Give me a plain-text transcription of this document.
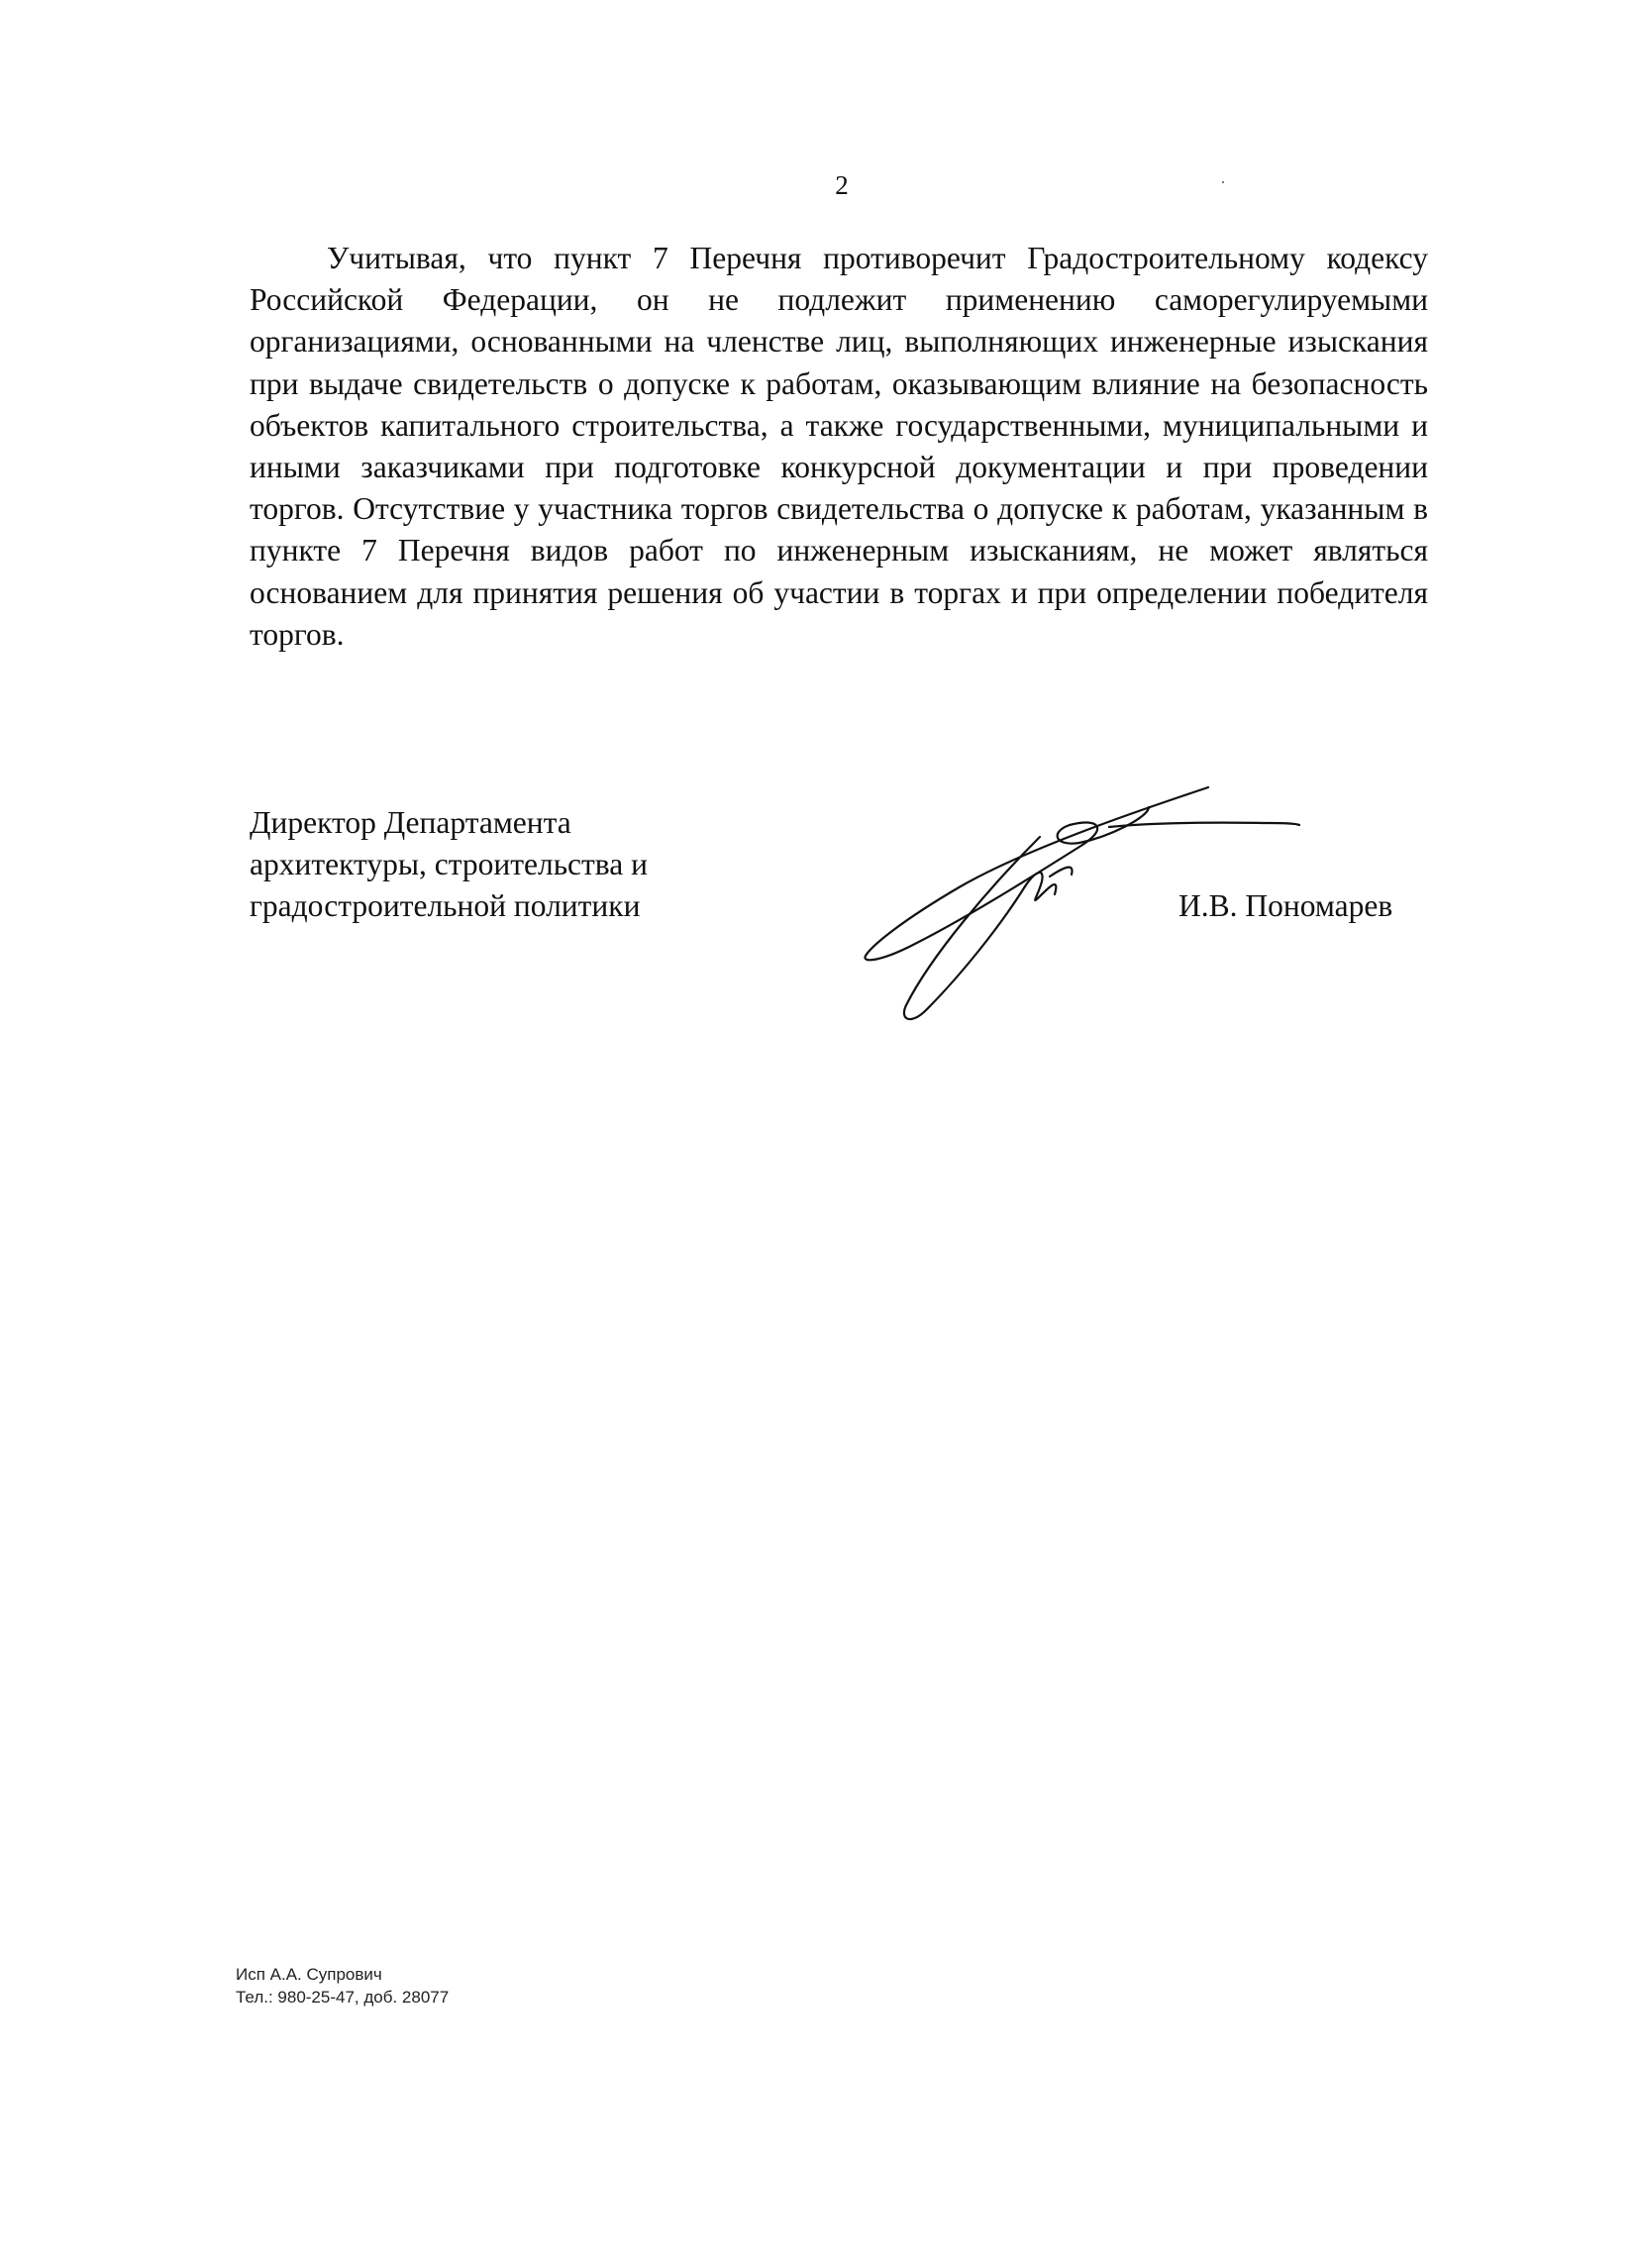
2

Учитывая, что пункт 7 Перечня противоречит Градостроительному кодексу Российской Федерации, он не подлежит применению саморегулируемыми организациями, основанными на членстве лиц, выполняющих инженерные изыскания при выдаче свидетельств о допуске к работам, оказывающим влияние на безопасность объектов капитального строительства, а также государственными, муниципальными и иными заказчиками при подготовке конкурсной документации и при проведении торгов. Отсутствие у участника торгов свидетельства о допуске к работам, указанным в пункте 7 Перечня видов работ по инженерным изысканиям, не может являться основанием для принятия решения об участии в торгах и при определении победителя торгов.

Директор Департамента
архитектуры, строительства и
градостроительной политики	И.В. Пономарев
Исп А.А. Супрович
Тел.: 980-25-47, доб. 28077
